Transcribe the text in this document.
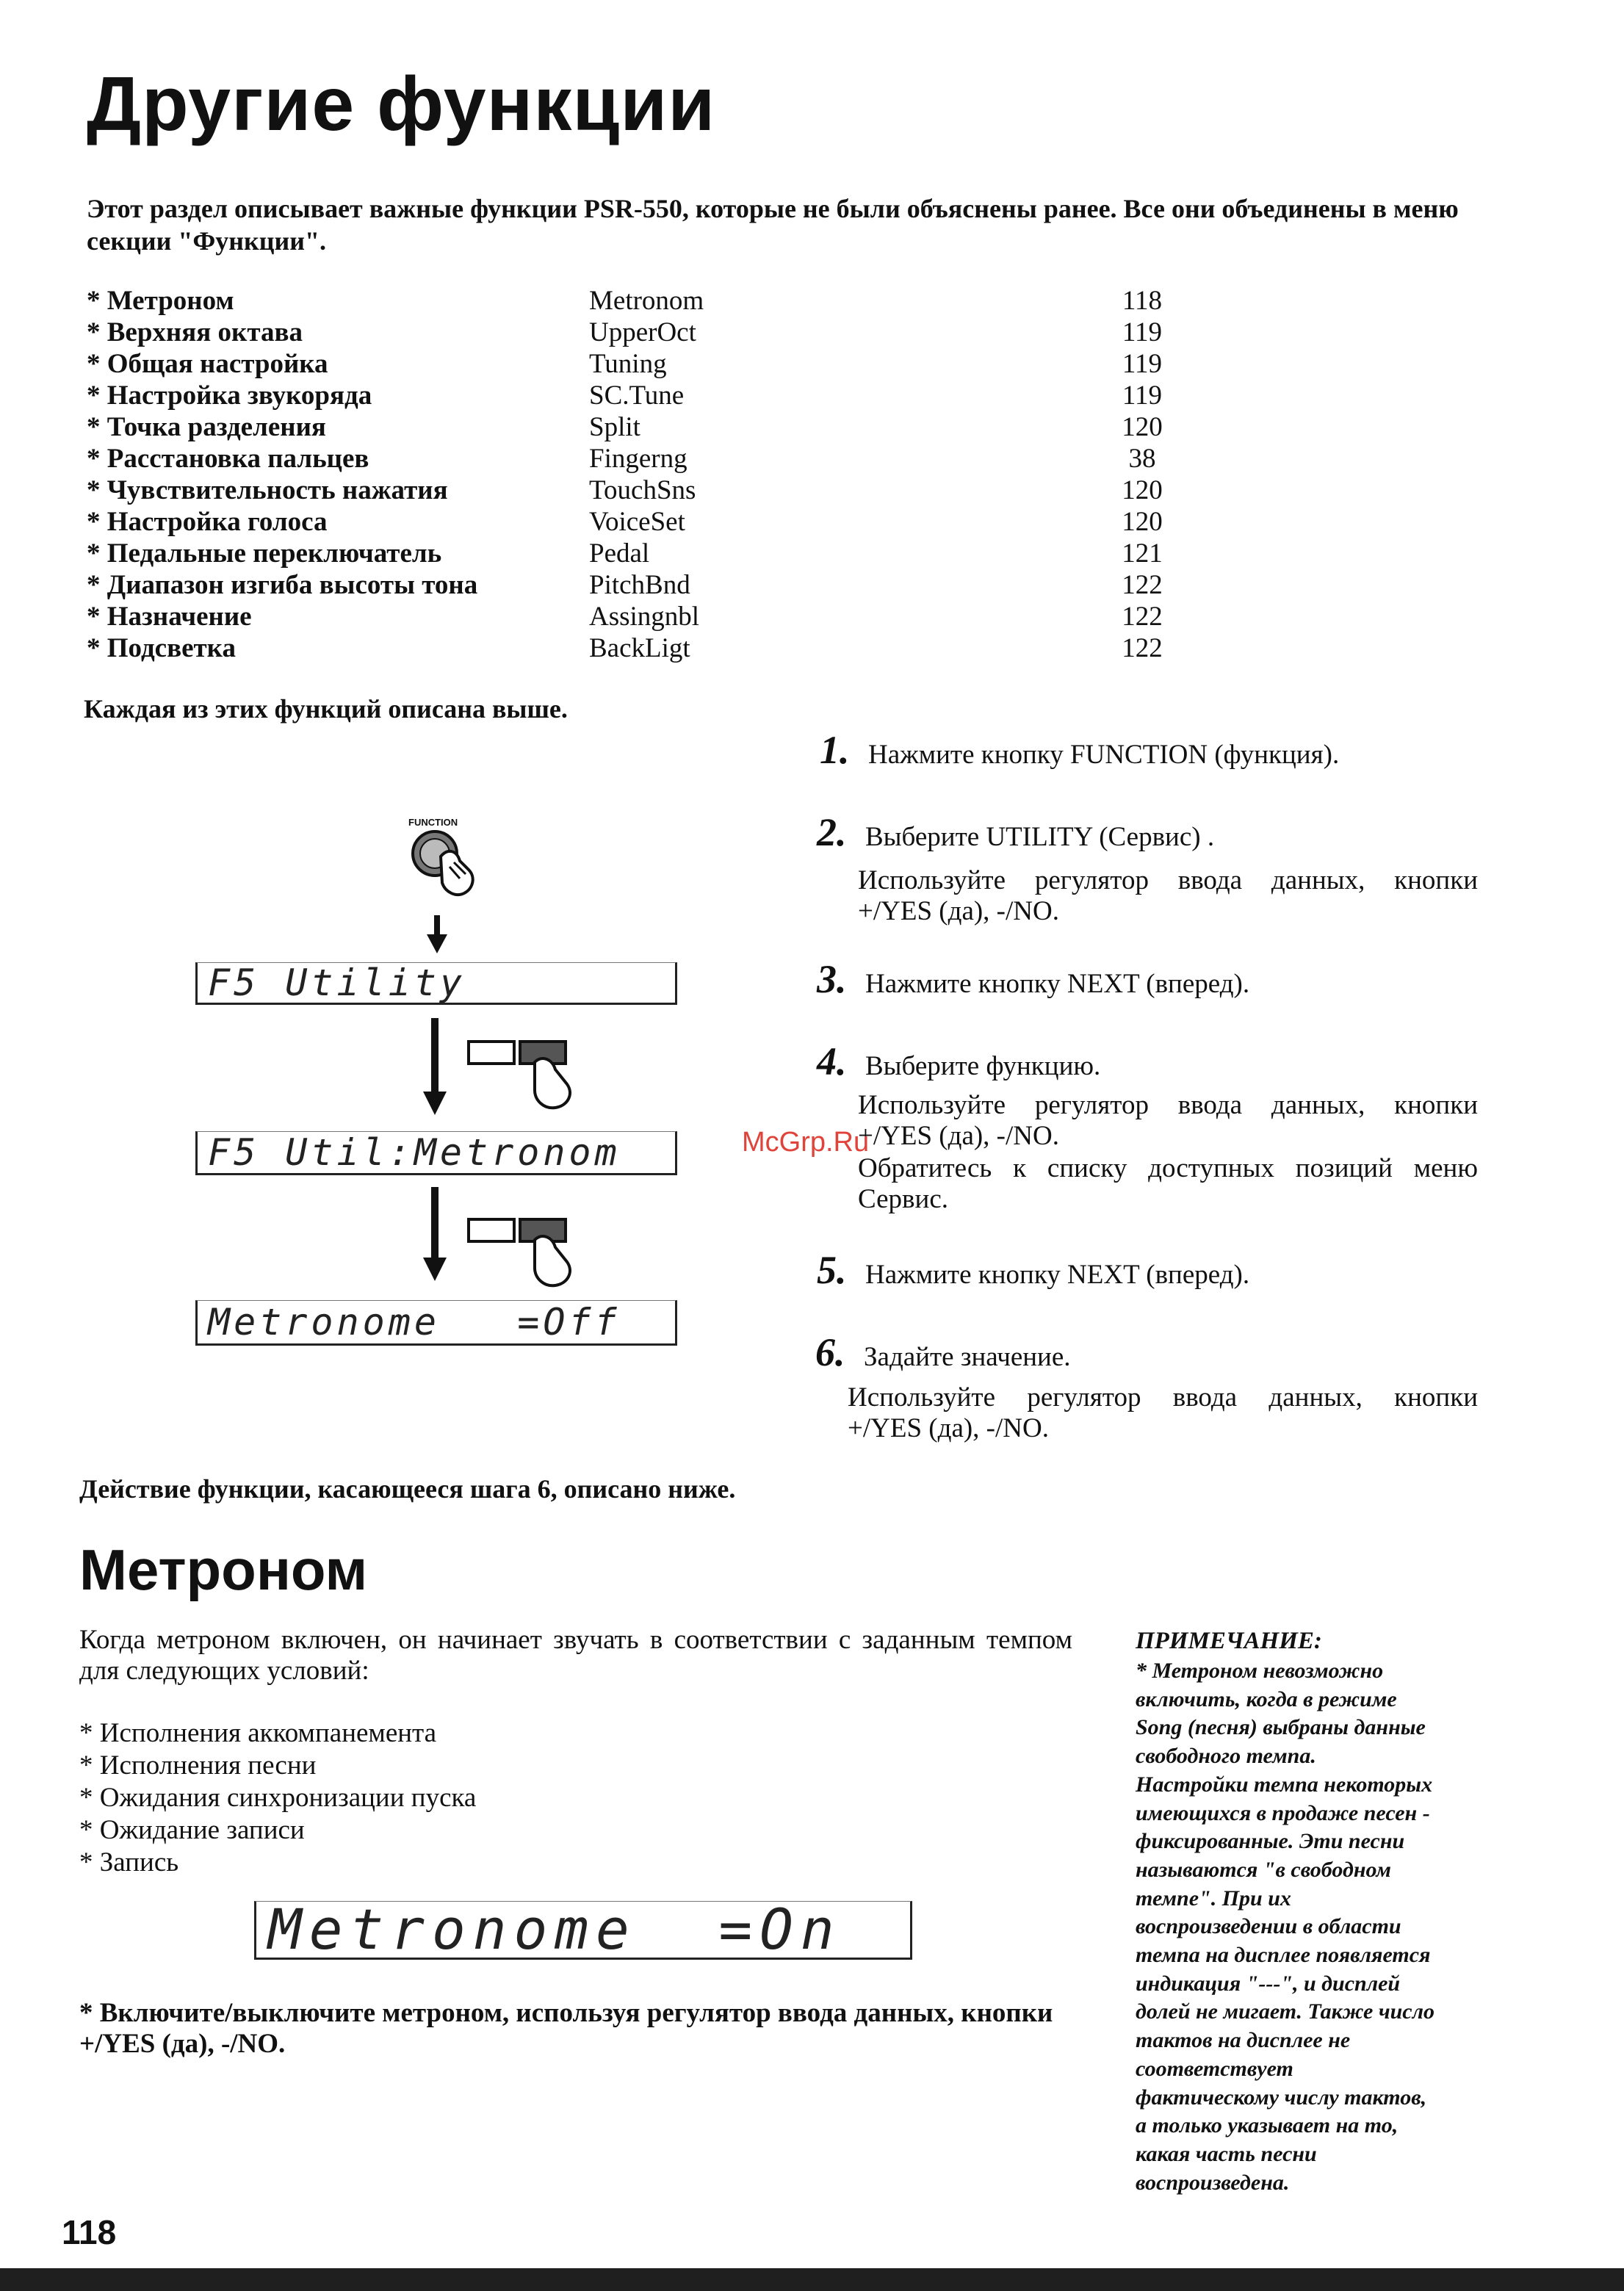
Другие функции
Этот раздел описывает важные функции PSR-550, которые не были объяснены ранее. Все они объединены в меню секции "Функции".
* Метроном	Metronom	118
* Верхняя октава	UpperOct	119
* Общая настройка	Tuning	119
* Настройка звукоряда	SC.Tune	119
* Точка разделения	Split	120
* Расстановка пальцев	Fingerng	38
* Чувствительность нажатия	TouchSns	120
* Настройка голоса	VoiceSet	120
* Педальные переключатель	Pedal	121
* Диапазон изгиба высоты тона	PitchBnd	122
* Назначение	Assingnbl	122
* Подсветка	BackLigt	122
Каждая из этих функций описана выше.
1. Нажмите кнопку FUNCTION (функция).
2. Выберите UTILITY (Сервис) .
Используйте регулятор ввода данных, кнопки
+/YES (да), -/NO.
3. Нажмите кнопку NEXT (вперед).
4. Выберите функцию.
Используйте регулятор ввода данных, кнопки
+/YES (да), -/NO.
Обратитесь к списку доступных позиций меню
Сервис.
5. Нажмите кнопку NEXT (вперед).
6. Задайте значение.
Используйте регулятор ввода данных, кнопки
+/YES (да), -/NO.
FUNCTION
F5 Utility
F5 Util:Metronom
Metronome   =Off
McGrp.Ru
Действие функции, касающееся шага 6, описано ниже.
Метроном
Когда метроном включен, он начинает звучать в соответствии с заданным темпом для следующих условий:
* Исполнения аккомпанемента
* Исполнения песни
* Ожидания синхронизации пуска
* Ожидание записи
* Запись
Metronome  =On
* Включите/выключите метроном, используя регулятор ввода данных, кнопки +/YES (да), -/NO.
ПРИМЕЧАНИЕ:
* Метроном невозможно
включить, когда в режиме
Song (песня) выбраны данные
свободного темпа.
Настройки темпа некоторых
имеющихся в продаже песен -
фиксированные. Эти песни
называются "в свободном
темпе". При их
воспроизведении в области
темпа на дисплее появляется
индикация "---", и дисплей
долей не мигает. Также число
тактов на дисплее не
соответствует
фактическому числу тактов,
а только указывает на то,
какая часть песни
воспроизведена.
118
